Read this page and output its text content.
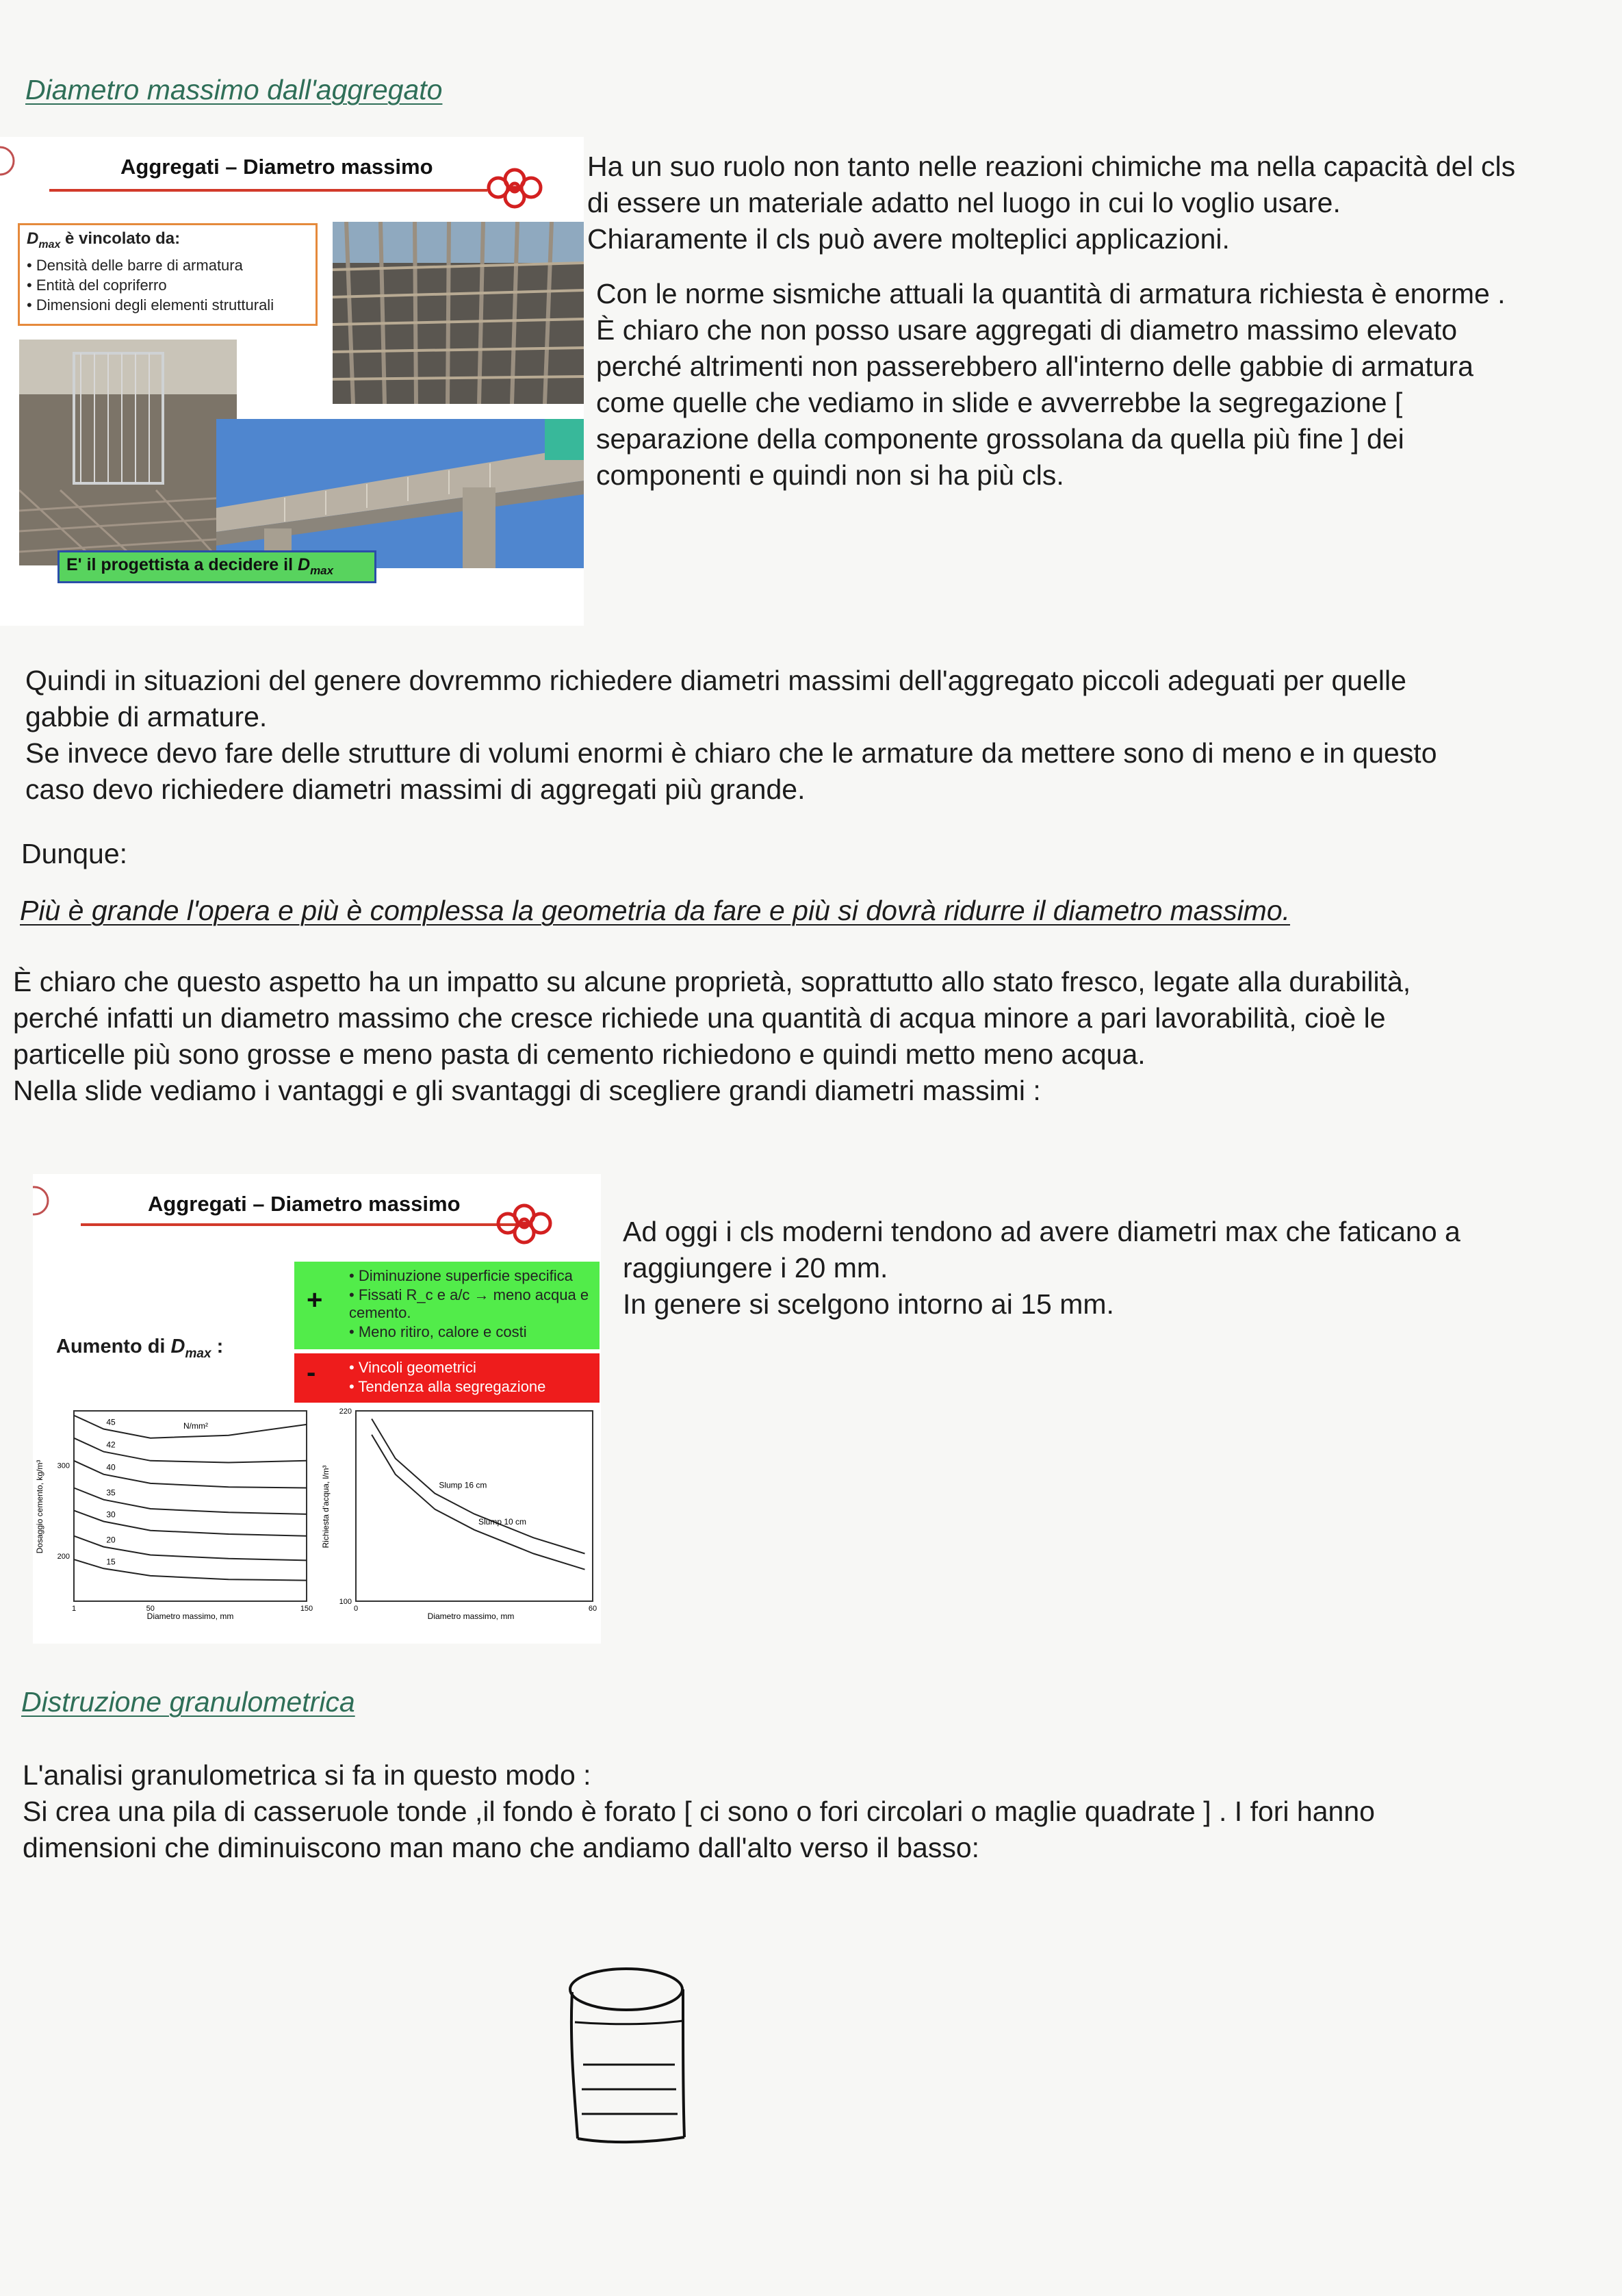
Diametro massimo dall'aggregato
Aggregati – Diametro massimo
$D_{max}$ è vincolato da:
• Densità delle barre di armatura
• Entità del copriferro
• Dimensioni degli elementi strutturali
E' il progettista a decidere il $D_{max}$

Ha un suo ruolo non tanto nelle reazioni chimiche ma nella capacità del cls

di essere un materiale adatto nel luogo in cui lo voglio usare.

Chiaramente il cls può avere molteplici applicazioni.

Con le norme sismiche attuali la quantità di armatura richiesta è enorme .

È chiaro che non posso usare aggregati di diametro massimo elevato

perché altrimenti non passerebbero all'interno delle gabbie di armatura

come quelle che vediamo in slide e avverrebbe la segregazione [

separazione della componente grossolana da quella più fine ] dei

componenti e quindi non si ha più cls.

Quindi in situazioni del genere dovremmo richiedere diametri massimi dell'aggregato piccoli adeguati per quelle

gabbie di armature.

Se invece devo fare delle strutture di volumi enormi è chiaro che le armature da mettere sono di meno e in questo

caso devo richiedere diametri massimi di aggregati più grande.

Dunque:
Più è grande l'opera e più è complessa la geometria da fare e più si dovrà ridurre il diametro massimo.

È chiaro che questo aspetto ha un impatto su alcune proprietà, soprattutto allo stato fresco, legate alla durabilità,

perché infatti un diametro massimo che cresce richiede una quantità di acqua minore a pari lavorabilità, cioè le

particelle più sono grosse e meno pasta di cemento richiedono e quindi metto meno acqua.

Nella slide vediamo i vantaggi e gli svantaggi di scegliere grandi diametri massimi :

Aggregati – Diametro massimo
Aumento di $D_{max}$ :
+
• Diminuzione superficie specifica
• Fissati R_c e a/c → meno acqua e cemento.
• Meno ritiro, calore e costi
- • Vincoli geometrici
• Tendenza alla segregazione
Dosaggio cemento, kg/m³
Diametro massimo, mm
N/mm²
45
42
40
35
30
20
15
1	50	150
300
200
Richiesta d'acqua, l/m³
Diametro massimo, mm
Slump 16 cm
Slump 10 cm
0	60
220
100

Ad oggi i cls moderni tendono ad avere diametri max che faticano a

raggiungere i 20 mm.

In genere si scelgono intorno ai 15 mm.

Distruzione granulometrica

L'analisi granulometrica si fa in questo modo :

Si crea una pila di casseruole tonde ,il fondo è forato [ ci sono o fori circolari o maglie quadrate ] . I fori hanno

dimensioni che diminuiscono man mano che andiamo dall'alto verso il basso:
